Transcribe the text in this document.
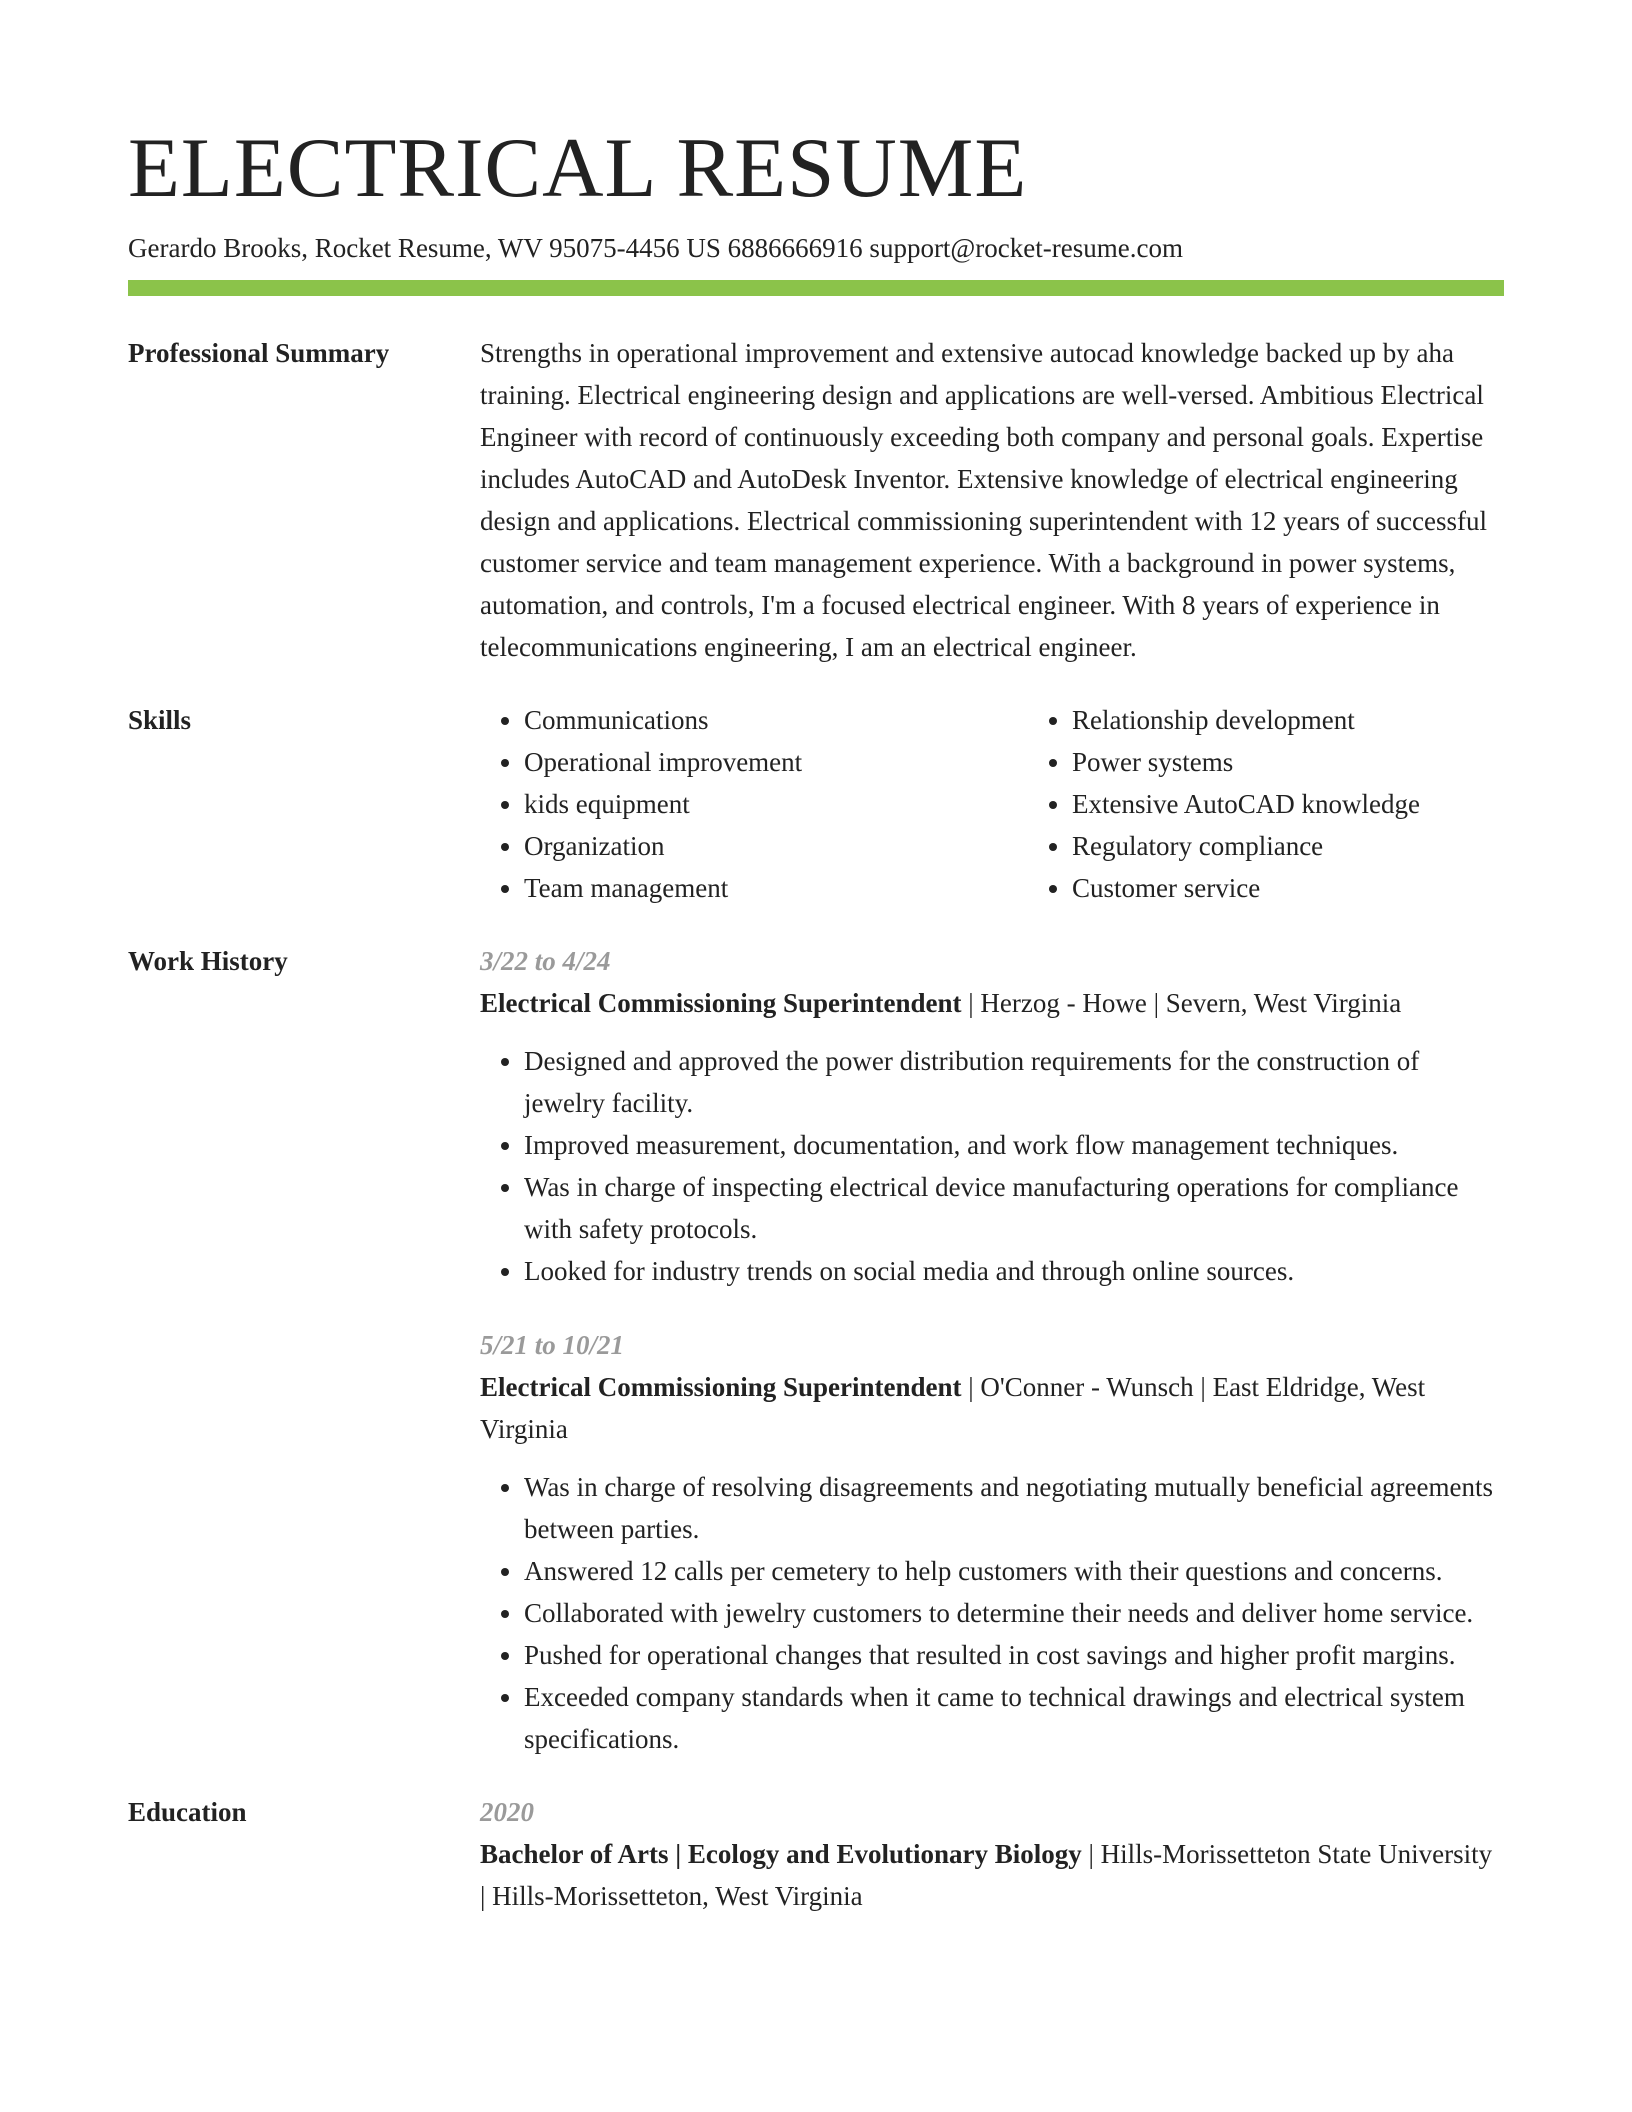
ELECTRICAL RESUME
Gerardo Brooks, Rocket Resume, WV 95075-4456 US 6886666916 support@rocket-resume.com
Professional Summary	Strengths in operational improvement and extensive autocad knowledge backed up by aha training. Electrical engineering design and applications are well-versed. Ambitious Electrical Engineer with record of continuously exceeding both company and personal goals. Expertise includes AutoCAD and AutoDesk Inventor. Extensive knowledge of electrical engineering design and applications. Electrical commissioning superintendent with 12 years of successful customer service and team management experience. With a background in power systems, automation, and controls, I'm a focused electrical engineer. With 8 years of experience in telecommunications engineering, I am an electrical engineer.

Skills
•	Communications
• Operational improvement
• kids equipment
• Organization
• Team management
• Relationship development
• Power systems
• Extensive AutoCAD knowledge
• Regulatory compliance
• Customer service
Work History	3/22 to 4/24

Electrical Commissioning Superintendent | Herzog - Howe | Severn, West Virginia

• Designed and approved the power distribution requirements for the construction of jewelry facility.
• Improved measurement, documentation, and work flow management techniques.
• Was in charge of inspecting electrical device manufacturing operations for compliance with safety protocols.
• Looked for industry trends on social media and through online sources.
5/21 to 10/21

Electrical Commissioning Superintendent | O'Conner - Wunsch | East Eldridge, West Virginia

• Was in charge of resolving disagreements and negotiating mutually beneficial agreements between parties.
• Answered 12 calls per cemetery to help customers with their questions and concerns.
• Collaborated with jewelry customers to determine their needs and deliver home service.
• Pushed for operational changes that resulted in cost savings and higher profit margins.
• Exceeded company standards when it came to technical drawings and electrical system specifications.
Education	2020

Bachelor of Arts | Ecology and Evolutionary Biology | Hills-Morissetteton State University | Hills-Morissetteton, West Virginia
